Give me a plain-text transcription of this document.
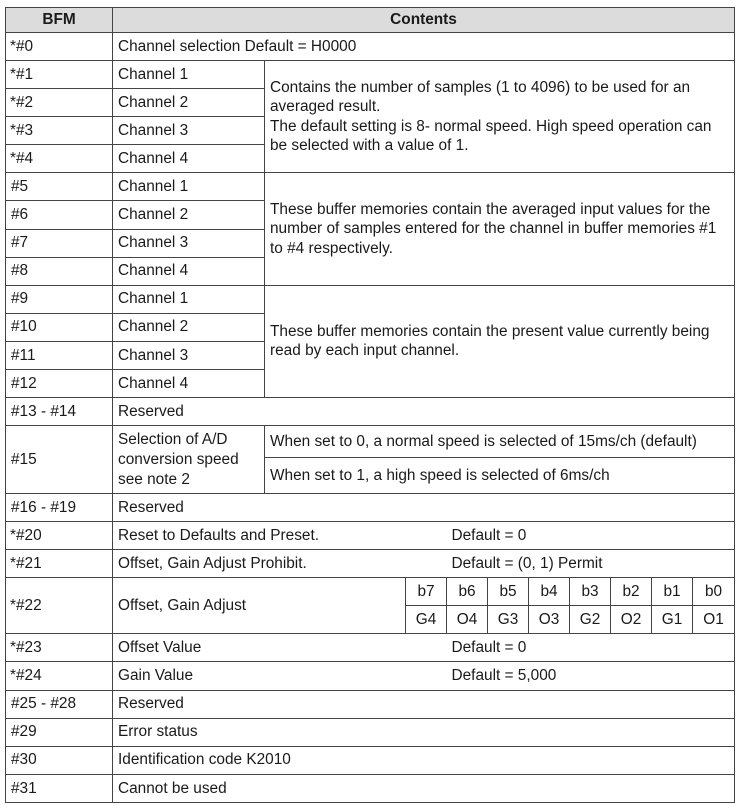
BFM	Contents									
*#0	Channel selection Default = H0000									
*#1	Channel 1	Contains the number of samples (1 to 4096) to be used for an averaged result.
The default setting is 8- normal speed. High speed operation can be selected with a value of 1.								
*#2	Channel 2									
*#3	Channel 3									
*#4	Channel 4									
#5	Channel 1	These buffer memories contain the averaged input values for the number of samples entered for the channel in buffer memories #1 to #4 respectively.								
#6	Channel 2									
#7	Channel 3									
#8	Channel 4									
#9	Channel 1	These buffer memories contain the present value currently being read by each input channel.								
#10	Channel 2									
#11	Channel 3									
#12	Channel 4									
#13 - #14	Reserved									
#15	Selection of A/D conversion speed see note 2	When set to 0, a normal speed is selected of 15ms/ch (default)								
		When set to 1, a high speed is selected of 6ms/ch								
#16 - #19	Reserved									
*#20	Reset to Defaults and Preset.			Default = 0						
*#21	Offset, Gain Adjust Prohibit.			Default = (0, 1) Permit						
*#22	Offset, Gain Adjust		b7	b6	b5	b4	b3	b2	b1	b0
			G4	O4	G3	O3	G2	O2	G1	O1
*#23	Offset Value			Default = 0						
*#24	Gain Value			Default = 5,000						
#25 - #28	Reserved									
#29	Error status									
#30	Identification code K2010									
#31	Cannot be used									
